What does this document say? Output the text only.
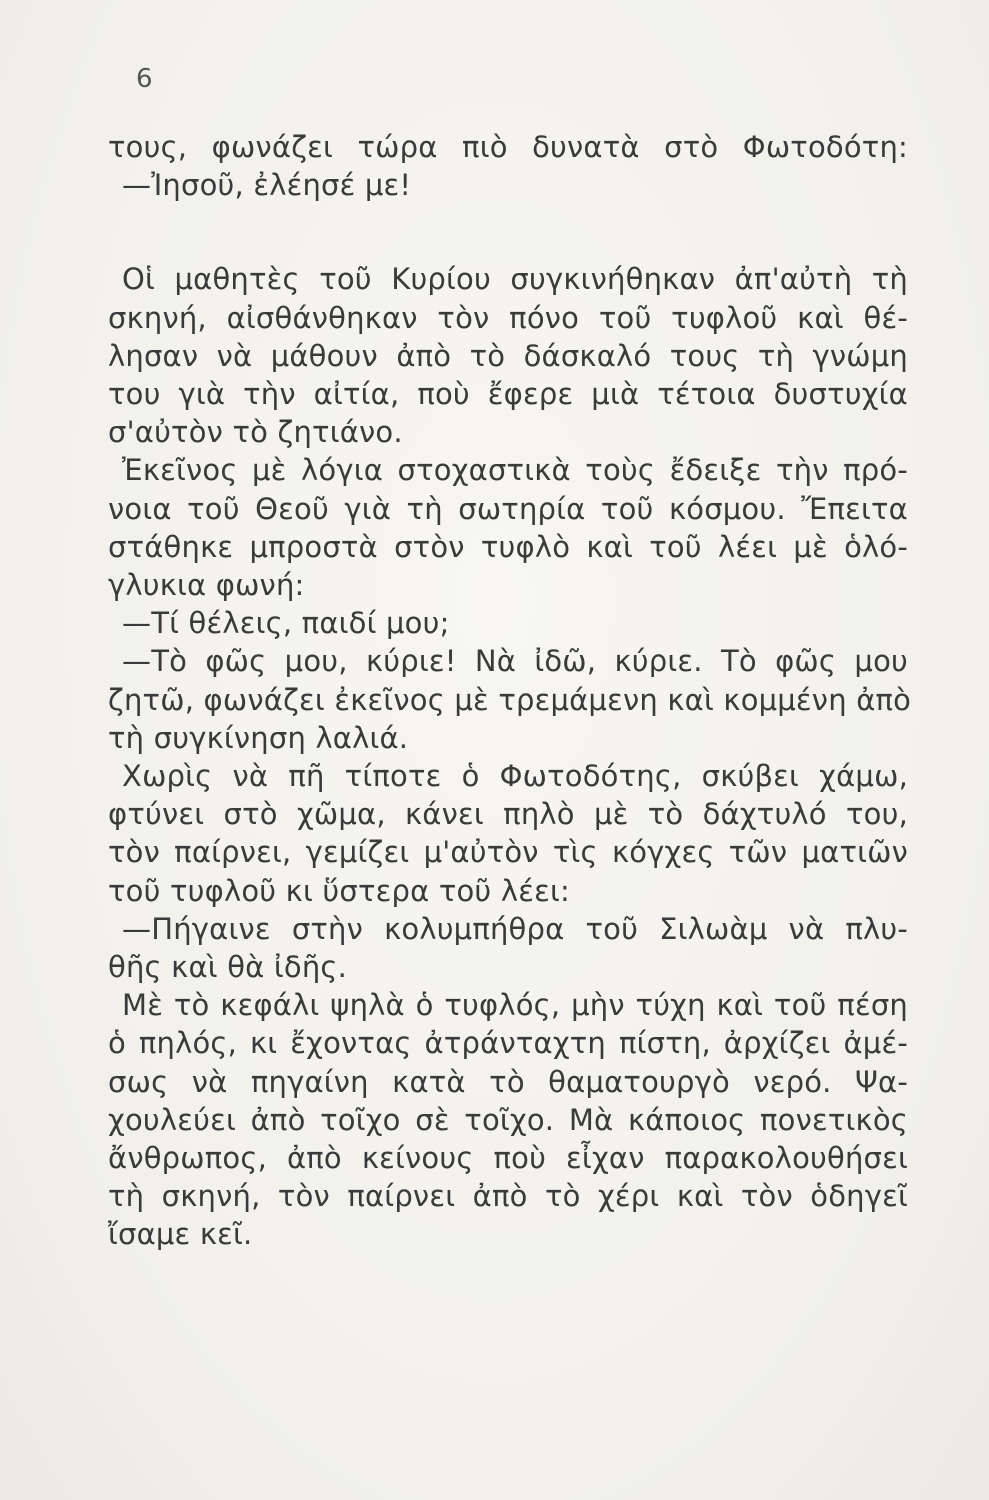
6
τους, φωνάζει τώρα πιὸ δυνατὰ στὸ Φωτοδότη:
—Ἰησοῦ, ἐλέησέ με!
Οἱ μαθητὲς τοῦ Κυρίου συγκινήθηκαν ἀπ'αὐτὴ τὴ
σκηνή, αἰσθάνθηκαν τὸν πόνο τοῦ τυφλοῦ καὶ θέ-
λησαν νὰ μάθουν ἀπὸ τὸ δάσκαλό τους τὴ γνώμη
του γιὰ τὴν αἰτία, ποὺ ἔφερε μιὰ τέτοια δυστυχία
σ'αὐτὸν τὸ ζητιάνο.
Ἐκεῖνος μὲ λόγια στοχαστικὰ τοὺς ἔδειξε τὴν πρό-
νοια τοῦ Θεοῦ γιὰ τὴ σωτηρία τοῦ κόσμου. Ἔπειτα
στάθηκε μπροστὰ στὸν τυφλὸ καὶ τοῦ λέει μὲ ὁλό-
γλυκια φωνή:
—Τί θέλεις, παιδί μου;
—Τὸ φῶς μου, κύριε! Νὰ ἰδῶ, κύριε. Τὸ φῶς μου
ζητῶ, φωνάζει ἐκεῖνος μὲ τρεμάμενη καὶ κομμένη ἀπὸ
τὴ συγκίνηση λαλιά.
Χωρὶς νὰ πῆ τίποτε ὁ Φωτοδότης, σκύβει χάμω,
φτύνει στὸ χῶμα, κάνει πηλὸ μὲ τὸ δάχτυλό του,
τὸν παίρνει, γεμίζει μ'αὐτὸν τὶς κόγχες τῶν ματιῶν
τοῦ τυφλοῦ κι ὕστερα τοῦ λέει:
—Πήγαινε στὴν κολυμπήθρα τοῦ Σιλωὰμ νὰ πλυ-
θῆς καὶ θὰ ἰδῆς.
Μὲ τὸ κεφάλι ψηλὰ ὁ τυφλός, μὴν τύχη καὶ τοῦ πέση
ὁ πηλός, κι ἔχοντας ἀτράνταχτη πίστη, ἀρχίζει ἀμέ-
σως νὰ πηγαίνη κατὰ τὸ θαματουργὸ νερό. Ψα-
χουλεύει ἀπὸ τοῖχο σὲ τοῖχο. Μὰ κάποιος πονετικὸς
ἄνθρωπος, ἀπὸ κείνους ποὺ εἶχαν παρακολουθήσει
τὴ σκηνή, τὸν παίρνει ἀπὸ τὸ χέρι καὶ τὸν ὁδηγεῖ
ἴσαμε κεῖ.
